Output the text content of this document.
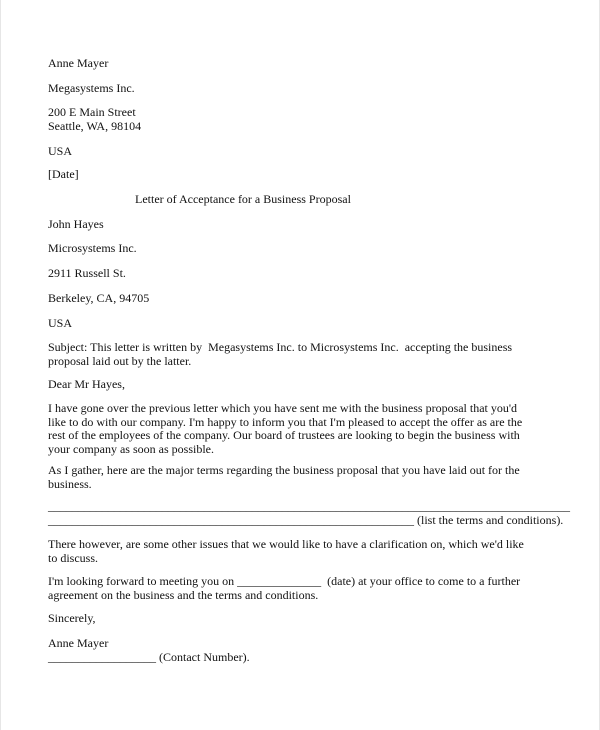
Anne Mayer
Megasystems Inc.
200 E Main Street
Seattle, WA, 98104
USA
[Date]
Letter of Acceptance for a Business Proposal
John Hayes
Microsystems Inc.
2911 Russell St.
Berkeley, CA, 94705
USA
Subject: This letter is written by  Megasystems Inc. to Microsystems Inc.  accepting the business
proposal laid out by the latter.
Dear Mr Hayes,
I have gone over the previous letter which you have sent me with the business proposal that you'd
like to do with our company. I'm happy to inform you that I'm pleased to accept the offer as are the
rest of the employees of the company. Our board of trustees are looking to begin the business with
your company as soon as possible.
As I gather, here are the major terms regarding the business proposal that you have laid out for the
business.
_______________________________________________________________________________________
_____________________________________________________________ (list the terms and conditions).
There however, are some other issues that we would like to have a clarification on, which we'd like
to discuss.
I'm looking forward to meeting you on ______________  (date) at your office to come to a further
agreement on the business and the terms and conditions.
Sincerely,
Anne Mayer
__________________ (Contact Number).
